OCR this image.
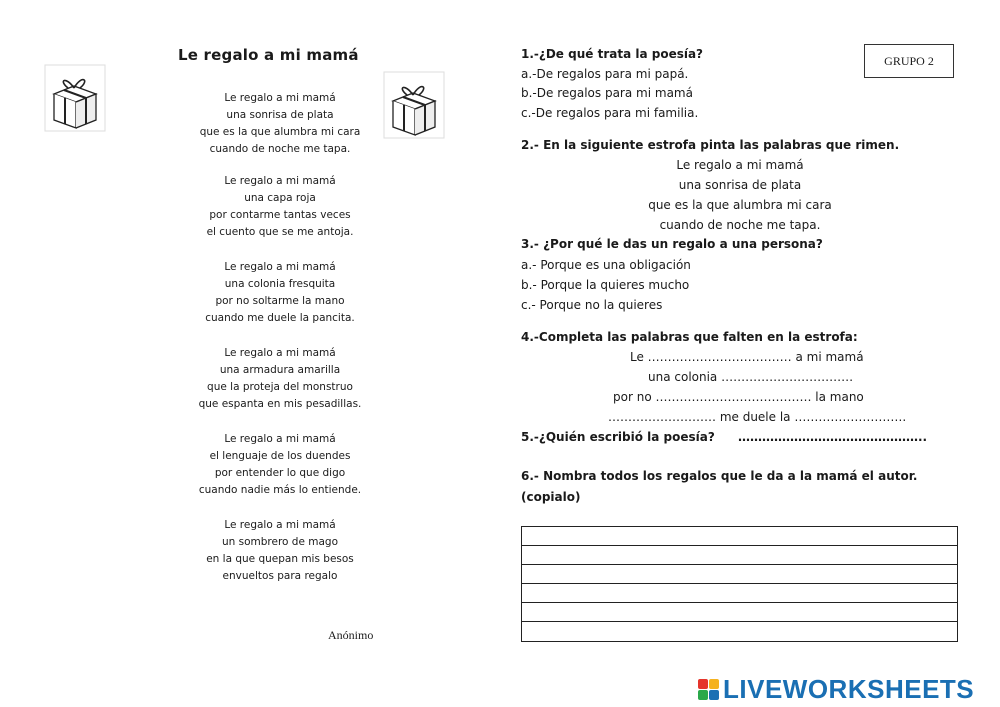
Le regalo a mi mamá
Le regalo a mi mamá
una sonrisa de plata
que es la que alumbra mi cara
cuando de noche me tapa.
Le regalo a mi mamá
una capa roja
por contarme tantas veces
el cuento que se me antoja.
Le regalo a mi mamá
una colonia fresquita
por no soltarme la mano
cuando me duele la pancita.
Le regalo a mi mamá
una armadura amarilla
que la proteja del monstruo
que espanta en mis pesadillas.
Le regalo a mi mamá
el lenguaje de los duendes
por entender lo que digo
cuando nadie más lo entiende.
Le regalo a mi mamá
un sombrero de mago
en la que quepan mis besos
envueltos para regalo
Anónimo
GRUPO 2
1.-¿De qué trata la poesía?
a.-De regalos para mi papá.
b.-De regalos para mi mamá
c.-De regalos para mi familia.
2.- En la siguiente estrofa pinta las palabras que rimen.
Le regalo a mi mamá
una sonrisa de plata
que es la que alumbra mi cara
cuando de noche me tapa.
3.- ¿Por qué le das un regalo a una persona?
a.- Porque es una obligación
b.- Porque la quieres mucho
c.- Porque no la quieres
4.-Completa las palabras que falten en la estrofa:
Le ……………………………… a mi mamá
una colonia ……………………………
por no ………………………………… la mano
……………………… me duele la ……………………….
5.-¿Quién escribió la poesía? ………………………………………..
6.- Nombra todos los regalos que le da a la mamá el autor.
(copialo)
LIVEWORKSHEETS
